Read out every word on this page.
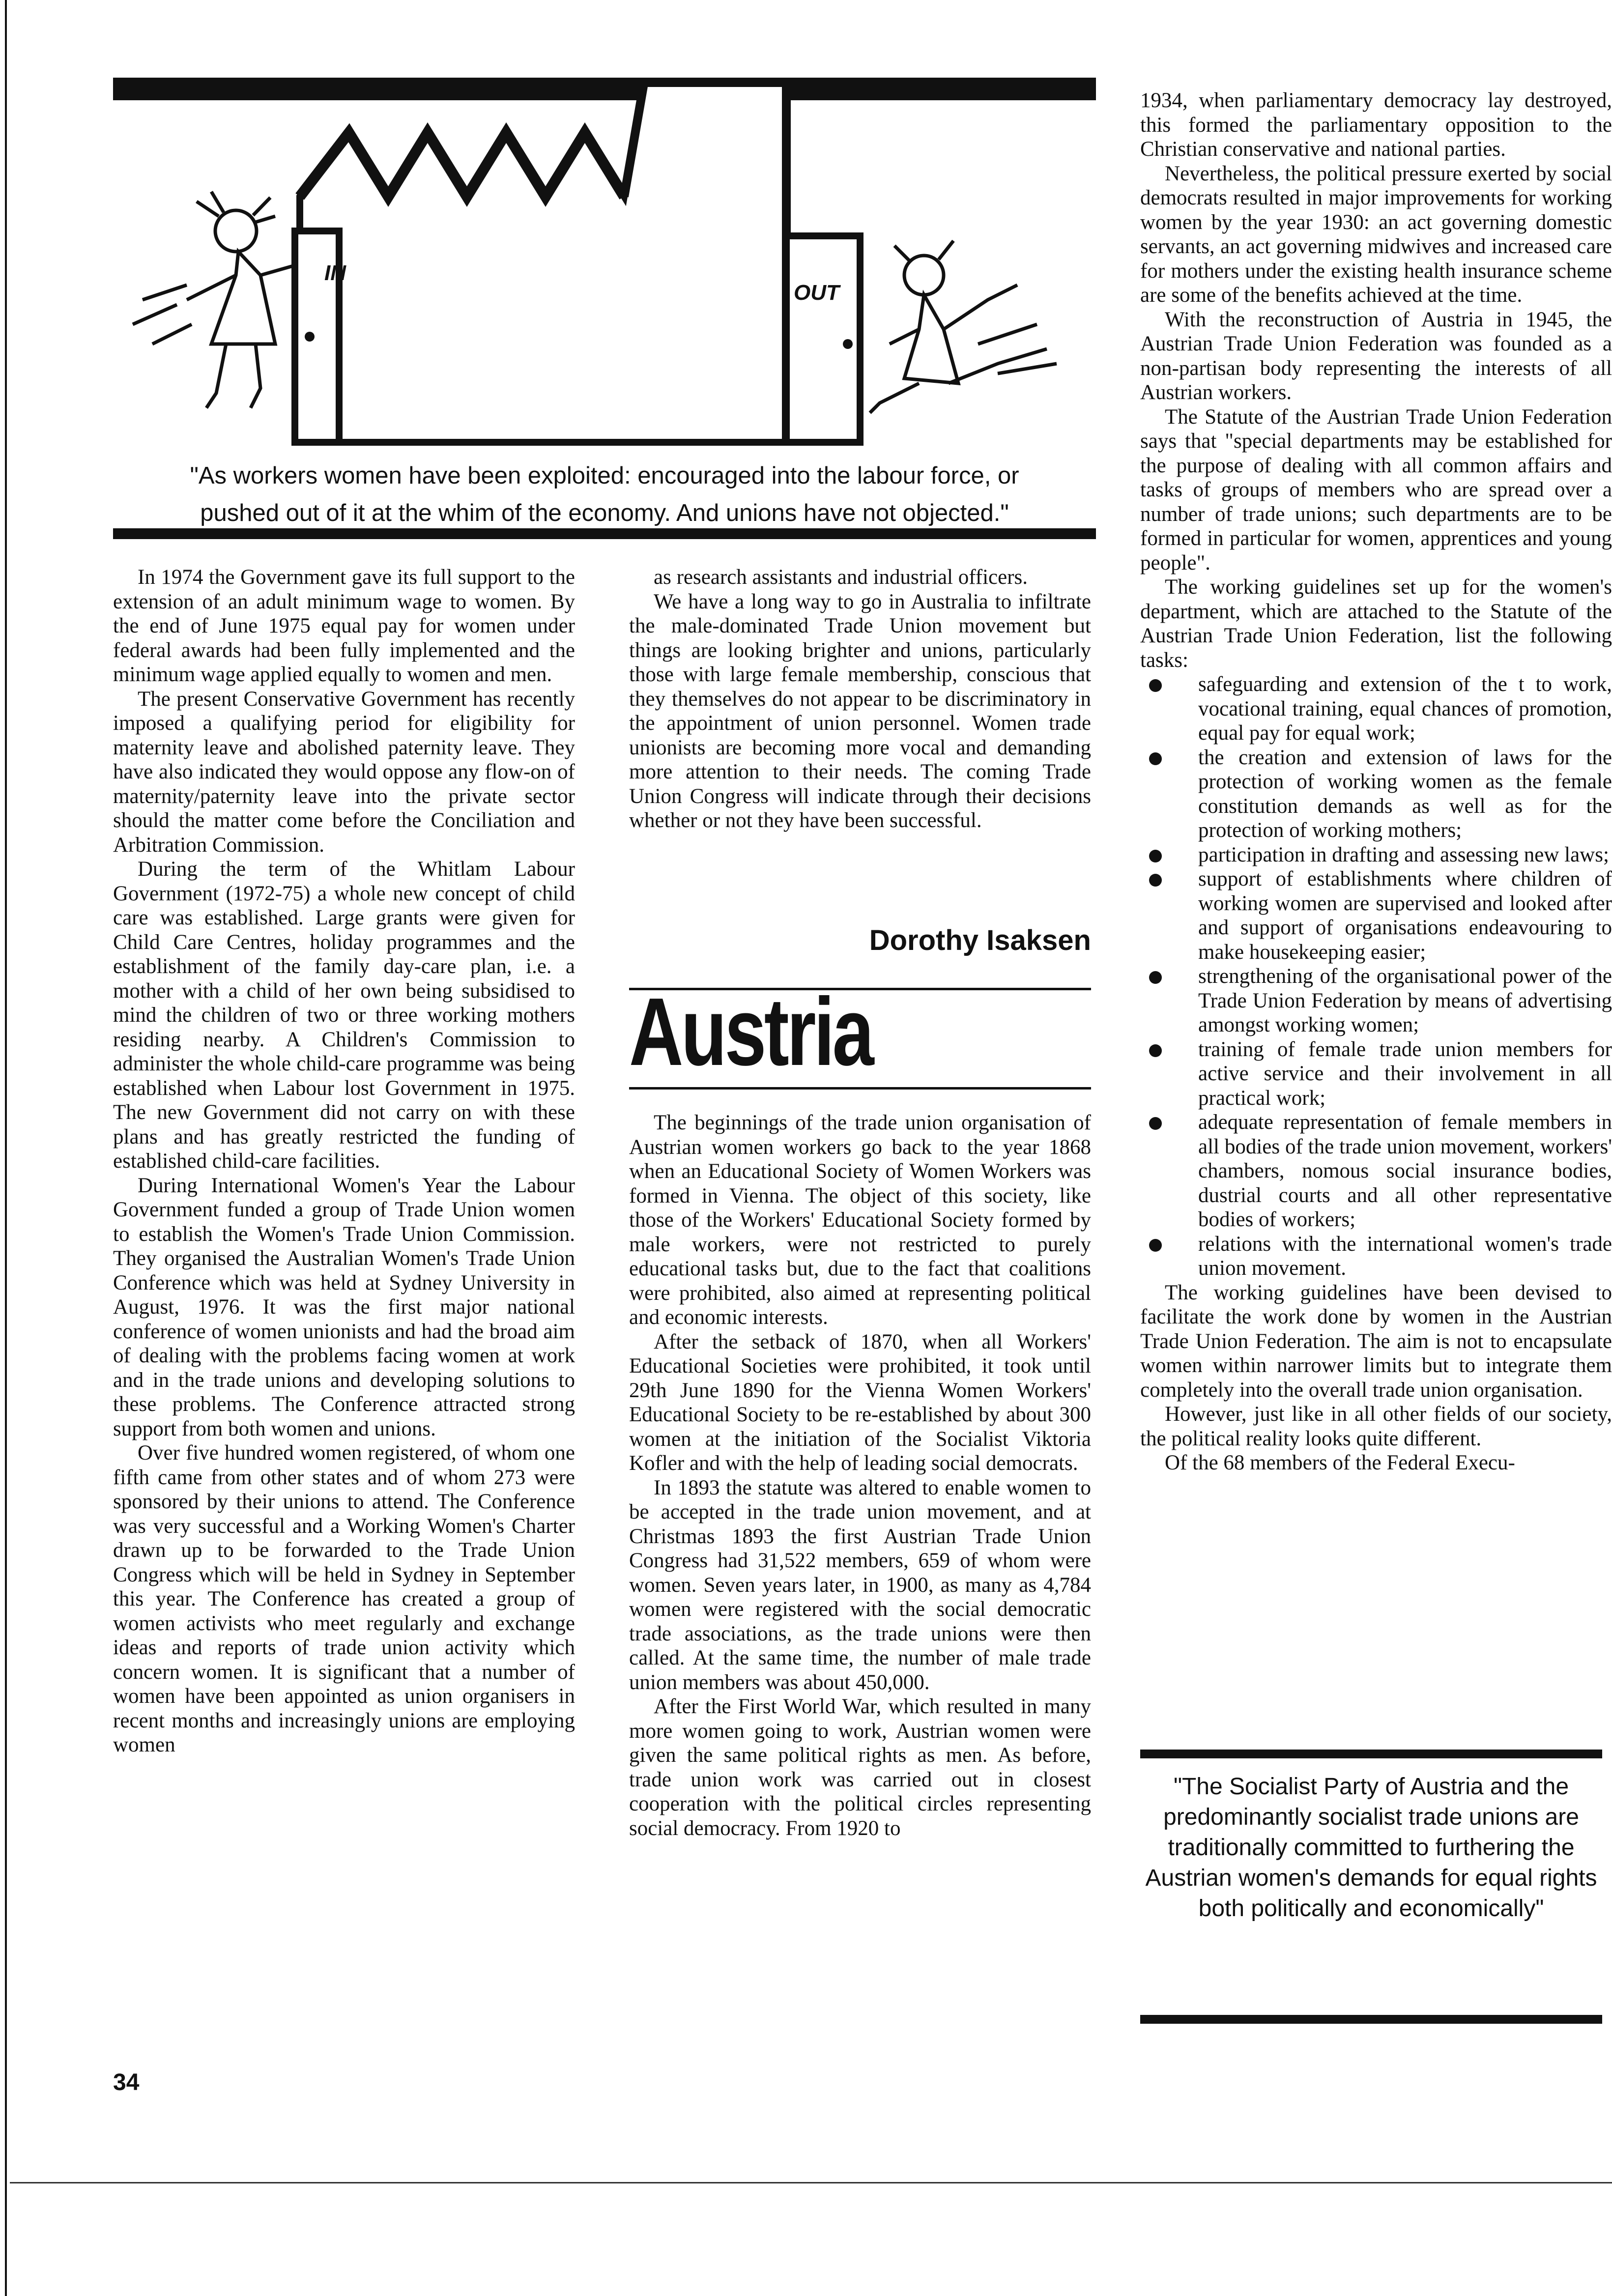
IN
OUT
"As workers women have been exploited: encouraged into the labour force, or
pushed out of it at the whim of the economy. And unions have not objected."

In 1974 the Government gave its full support to the extension of an adult minimum wage to women. By the end of June 1975 equal pay for women under federal awards had been fully implemented and the minimum wage applied equally to women and men.

The present Conservative Government has recently imposed a qualifying period for eligibility for maternity leave and abolished paternity leave. They have also indicated they would oppose any flow-on of maternity/paternity leave into the private sector should the matter come before the Conciliation and Arbitration Commission.

During the term of the Whitlam Labour Government (1972-75) a whole new concept of child care was established. Large grants were given for Child Care Centres, holiday programmes and the establishment of the family day-care plan, i.e. a mother with a child of her own being subsidised to mind the children of two or three working mothers residing nearby. A Children's Commission to administer the whole child-care programme was being established when Labour lost Government in 1975. The new Government did not carry on with these plans and has greatly restricted the funding of established child-care facilities.

During International Women's Year the Labour Government funded a group of Trade Union women to establish the Women's Trade Union Commission. They organised the Australian Women's Trade Union Conference which was held at Sydney University in August, 1976. It was the first major national conference of women unionists and had the broad aim of dealing with the problems facing women at work and in the trade unions and developing solutions to these problems. The Conference attracted strong support from both women and unions.

Over five hundred women registered, of whom one fifth came from other states and of whom 273 were sponsored by their unions to attend. The Conference was very successful and a Working Women's Charter drawn up to be forwarded to the Trade Union Congress which will be held in Sydney in September this year. The Conference has created a group of women activists who meet regularly and exchange ideas and reports of trade union activity which concern women. It is significant that a number of women have been appointed as union organisers in recent months and increasingly unions are employing women

as research assistants and industrial officers.

We have a long way to go in Australia to infiltrate the male-dominated Trade Union movement but things are looking brighter and unions, particularly those with large female membership, conscious that they themselves do not appear to be discriminatory in the appointment of union personnel. Women trade unionists are becoming more vocal and demanding more attention to their needs. The coming Trade Union Congress will indicate through their decisions whether or not they have been successful.

Dorothy Isaksen
Austria

The beginnings of the trade union organisation of Austrian women workers go back to the year 1868 when an Educational Society of Women Workers was formed in Vienna. The object of this society, like those of the Workers' Educational Society formed by male workers, were not restricted to purely educational tasks but, due to the fact that coalitions were prohibited, also aimed at representing political and economic interests.

After the setback of 1870, when all Workers' Educational Societies were prohibited, it took until 29th June 1890 for the Vienna Women Workers' Educational Society to be re-established by about 300 women at the initiation of the Socialist Viktoria Kofler and with the help of leading social democrats.

In 1893 the statute was altered to enable women to be accepted in the trade union movement, and at Christmas 1893 the first Austrian Trade Union Congress had 31,522 members, 659 of whom were women. Seven years later, in 1900, as many as 4,784 women were registered with the social democratic trade associations, as the trade unions were then called. At the same time, the number of male trade union members was about 450,000.

After the First World War, which resulted in many more women going to work, Austrian women were given the same political rights as men. As before, trade union work was carried out in closest cooperation with the political circles representing social democracy. From 1920 to

1934, when parliamentary democracy lay destroyed, this formed the parliamentary opposition to the Christian conservative and national parties.

Nevertheless, the political pressure exerted by social democrats resulted in major improvements for working women by the year 1930: an act governing domestic servants, an act governing midwives and increased care for mothers under the existing health insurance scheme are some of the benefits achieved at the time.

With the reconstruction of Austria in 1945, the Austrian Trade Union Federation was founded as a non-partisan body representing the interests of all Austrian workers.

The Statute of the Austrian Trade Union Federation says that "special departments may be established for the purpose of dealing with all common affairs and tasks of groups of members who are spread over a number of trade unions; such departments are to be formed in particular for women, apprentices and young people".

The working guidelines set up for the women's department, which are attached to the Statute of the Austrian Trade Union Federation, list the following tasks:

safeguarding and extension of the t to work, vocational training, equal chances of promotion, equal pay for equal work;
the creation and extension of laws for the protection of working women as the female constitution demands as well as for the protection of working mothers;
participation in drafting and assessing new laws;
support of establishments where children of working women are supervised and looked after and support of organisations endeavouring to make housekeeping easier;
strengthening of the organisational power of the Trade Union Federation by means of advertising amongst working women;
training of female trade union members for active service and their involvement in all practical work;
adequate representation of female members in all bodies of the trade union movement, workers' chambers, nomous social insurance bodies, dustrial courts and all other representative bodies of workers;
relations with the international women's trade union movement.

The working guidelines have been devised to facilitate the work done by women in the Austrian Trade Union Federation. The aim is not to encapsulate women within narrower limits but to integrate them completely into the overall trade union organisation.

However, just like in all other fields of our society, the political reality looks quite different.

Of the 68 members of the Federal Execu-

"The Socialist Party of Austria and the predominantly socialist trade unions are traditionally committed to furthering the Austrian women's demands for equal rights both politically and economically"
34
